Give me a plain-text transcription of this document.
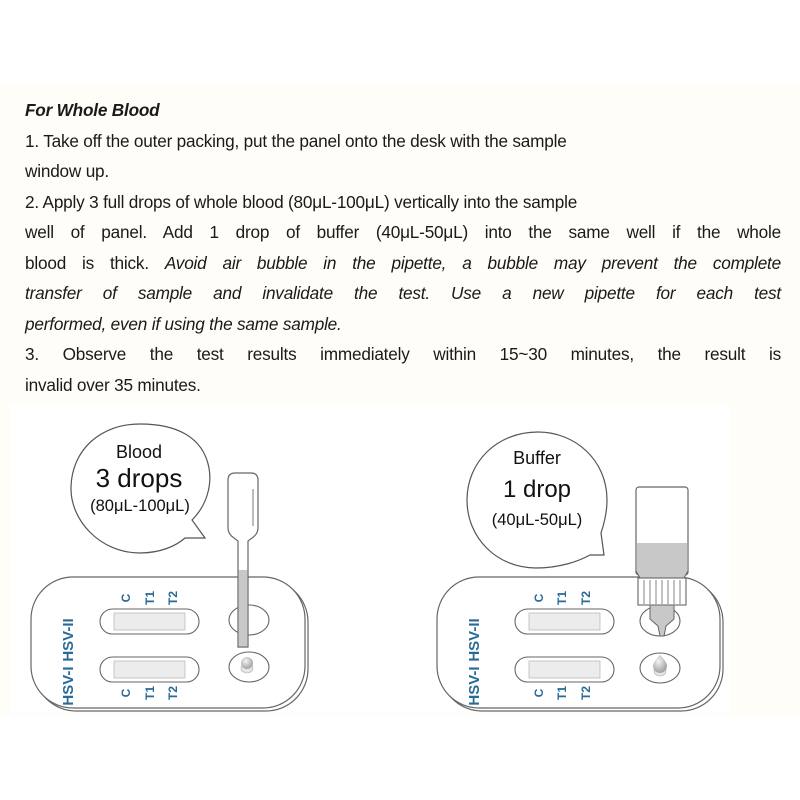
For Whole Blood
1. Take off the outer packing, put the panel onto the desk with the sample
window up.
2. Apply 3 full drops of whole blood (80μL-100μL) vertically into the sample
well of panel. Add 1 drop of buffer (40μL-50μL) into the same well if the whole
blood is thick. Avoid air bubble in the pipette, a bubble may prevent the complete
transfer of sample and invalidate the test. Use a new pipette for each test
performed, even if using the same sample.
3. Observe the test results immediately within 15~30 minutes, the result is
invalid over 35 minutes.
Blood
3 drops
(80μL-100μL)
HSV-II
HSV-I
C T1 T2
C T1 T2
Buffer
1 drop
(40μL-50μL)
HSV-II
HSV-I
C T1 T2
C T1 T2
